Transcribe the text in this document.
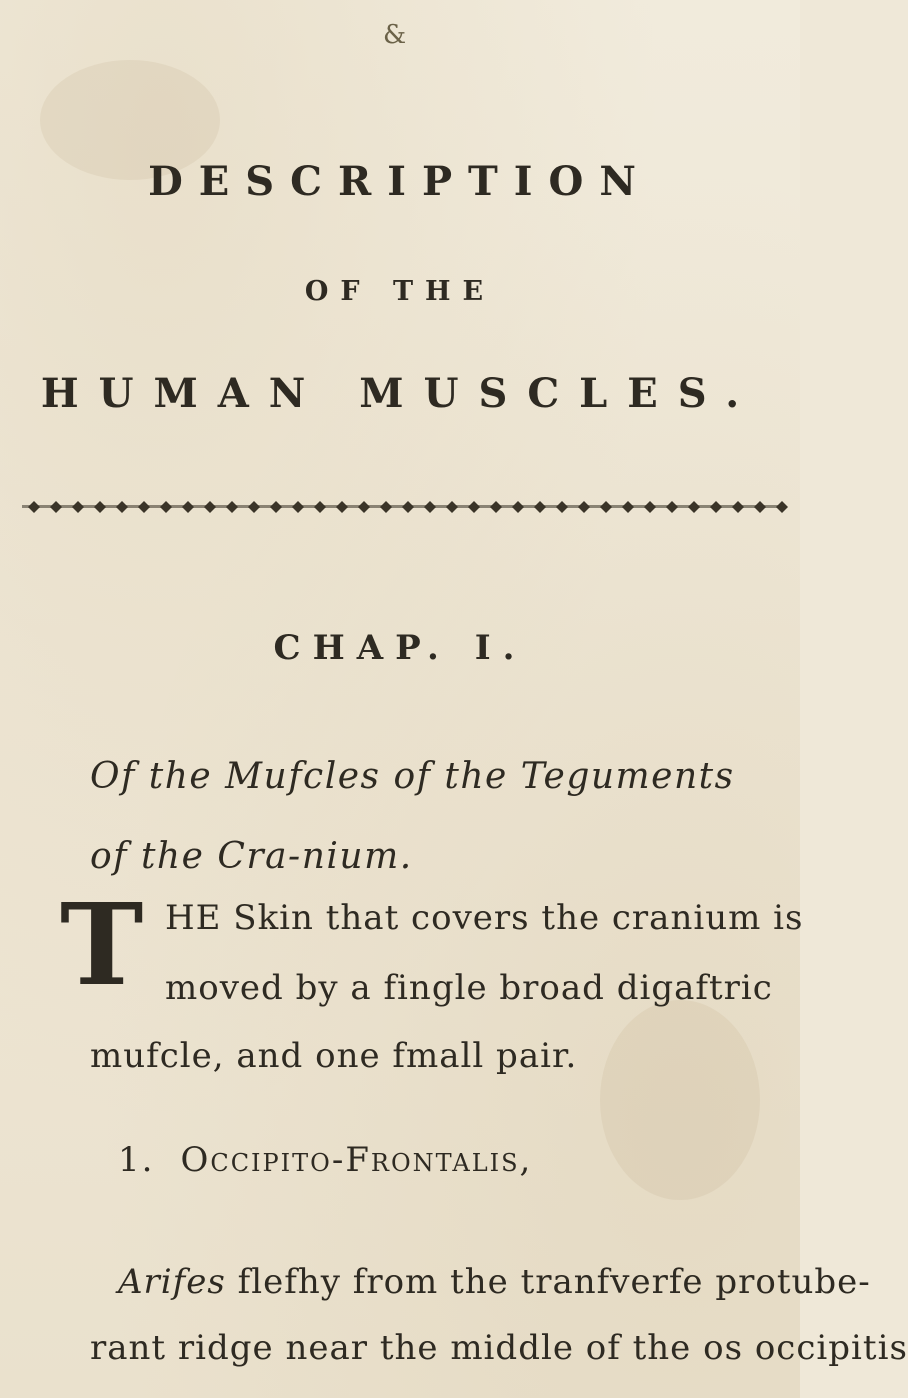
&
DESCRIPTION
OF THE
HUMAN MUSCLES.
CHAP. I.
Of the Mufcles of the Teguments of the Cra-nium.
T HE Skin that covers the cranium is
moved by a fingle broad digaftric
mufcle, and one fmall pair.
1. Occipito-Frontalis,
Arifes flefhy from the tranfverfe protube-
rant ridge near the middle of the os occipitis
